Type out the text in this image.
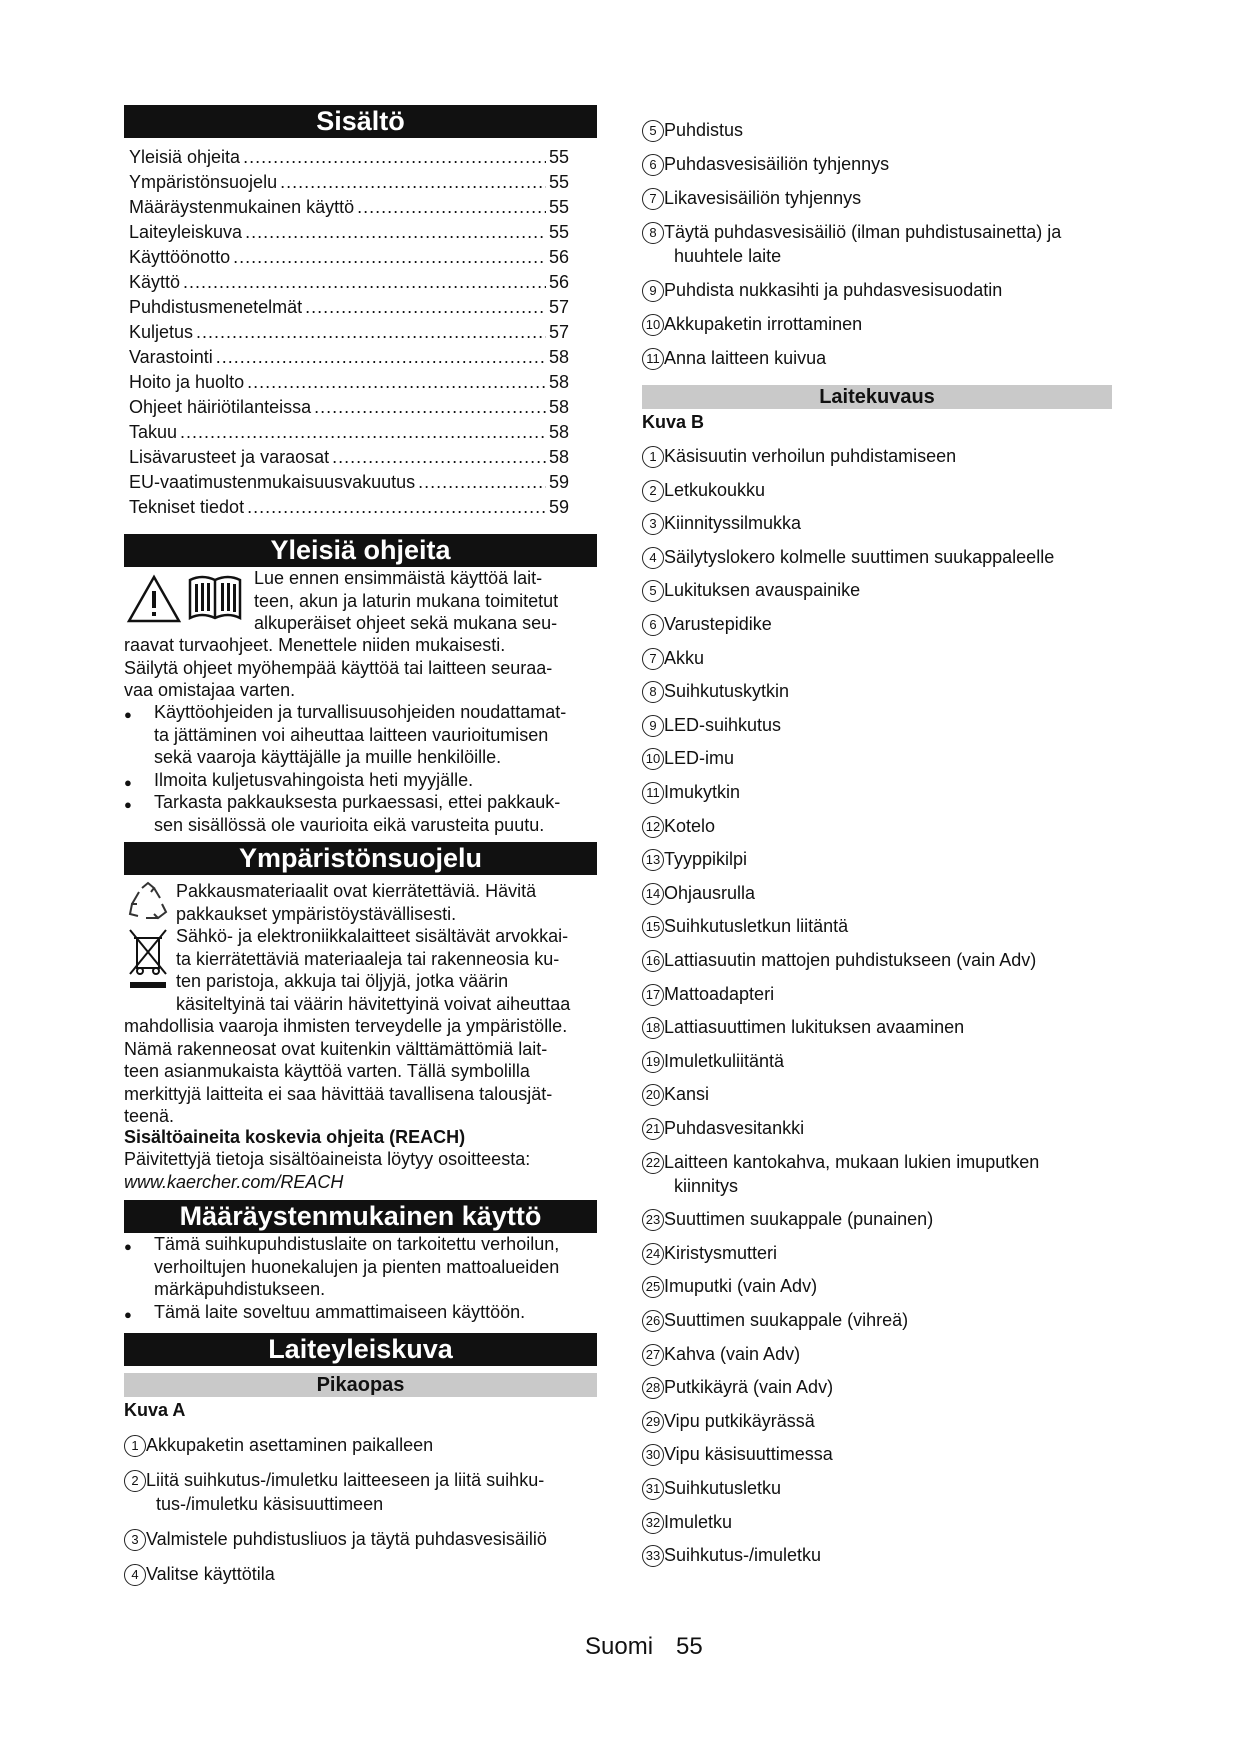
Sisältö
Yleisiä ohjeita . . .	55
Ympäristönsuojelu . . .	55
Määräystenmukainen käyttö . . .	55
Laiteyleiskuva . . .	55
Käyttöönotto . . .	56
Käyttö . . .	56
Puhdistusmenetelmät . . .	57
Kuljetus . . .	57
Varastointi . . .	58
Hoito ja huolto . . .	58
Ohjeet häiriötilanteissa . . .	58
Takuu . . .	58
Lisävarusteet ja varaosat . . .	58
EU-vaatimustenmukaisuusvakuutus . . .	59
Tekniset tiedot . . .	59
Yleisiä ohjeita
Lue ennen ensimmäistä käyttöä lait-
teen, akun ja laturin mukana toimitetut
alkuperäiset ohjeet sekä mukana seu-
raavat turvaohjeet. Menettele niiden mukaisesti.
Säilytä ohjeet myöhempää käyttöä tai laitteen seuraa-
vaa omistajaa varten.
● Käyttöohjeiden ja turvallisuusohjeiden noudattamat-
ta jättäminen voi aiheuttaa laitteen vaurioitumisen
sekä vaaroja käyttäjälle ja muille henkilöille.
● Ilmoita kuljetusvahingoista heti myyjälle.
● Tarkasta pakkauksesta purkaessasi, ettei pakkauk-
sen sisällössä ole vaurioita eikä varusteita puutu.
Ympäristönsuojelu
Pakkausmateriaalit ovat kierrätettäviä. Hävitä
pakkaukset ympäristöystävällisesti.
Sähkö- ja elektroniikkalaitteet sisältävät arvokkai-
ta kierrätettäviä materiaaleja tai rakenneosia ku-
ten paristoja, akkuja tai öljyjä, jotka väärin
käsiteltyinä tai väärin hävitettyinä voivat aiheuttaa
mahdollisia vaaroja ihmisten terveydelle ja ympäristölle.
Nämä rakenneosat ovat kuitenkin välttämättömiä lait-
teen asianmukaista käyttöä varten. Tällä symbolilla
merkittyjä laitteita ei saa hävittää tavallisena talousjät-
teenä.
Sisältöaineita koskevia ohjeita (REACH)
Päivitettyjä tietoja sisältöaineista löytyy osoitteesta:
www.kaercher.com/REACH
Määräystenmukainen käyttö
● Tämä suihkupuhdistuslaite on tarkoitettu verhoilun,
verhoiltujen huonekalujen ja pienten mattoalueiden
märkäpuhdistukseen.
● Tämä laite soveltuu ammattimaiseen käyttöön.
Laiteyleiskuva
Pikaopas
Kuva A
1 Akkupaketin asettaminen paikalleen
2 Liitä suihkutus-/imuletku laitteeseen ja liitä suihku-
tus-/imuletku käsisuuttimeen
3 Valmistele puhdistusliuos ja täytä puhdasvesisäiliö
4 Valitse käyttötila
5 Puhdistus
6 Puhdasvesisäiliön tyhjennys
7 Likavesisäiliön tyhjennys
8 Täytä puhdasvesisäiliö (ilman puhdistusainetta) ja
huuhtele laite
9 Puhdista nukkasihti ja puhdasvesisuodatin
10 Akkupaketin irrottaminen
11 Anna laitteen kuivua
Laitekuvaus
Kuva B
1 Käsisuutin verhoilun puhdistamiseen
2 Letkukoukku
3 Kiinnityssilmukka
4 Säilytyslokero kolmelle suuttimen suukappaleelle
5 Lukituksen avauspainike
6 Varustepidike
7 Akku
8 Suihkutuskytkin
9 LED-suihkutus
10 LED-imu
11 Imukytkin
12 Kotelo
13 Tyyppikilpi
14 Ohjausrulla
15 Suihkutusletkun liitäntä
16 Lattiasuutin mattojen puhdistukseen (vain Adv)
17 Mattoadapteri
18 Lattiasuuttimen lukituksen avaaminen
19 Imuletkuliitäntä
20 Kansi
21 Puhdasvesitankki
22 Laitteen kantokahva, mukaan lukien imuputken
kiinnitys
23 Suuttimen suukappale (punainen)
24 Kiristysmutteri
25 Imuputki (vain Adv)
26 Suuttimen suukappale (vihreä)
27 Kahva (vain Adv)
28 Putkikäyrä (vain Adv)
29 Vipu putkikäyrässä
30 Vipu käsisuuttimessa
31 Suihkutusletku
32 Imuletku
33 Suihkutus-/imuletku
Suomi 55
